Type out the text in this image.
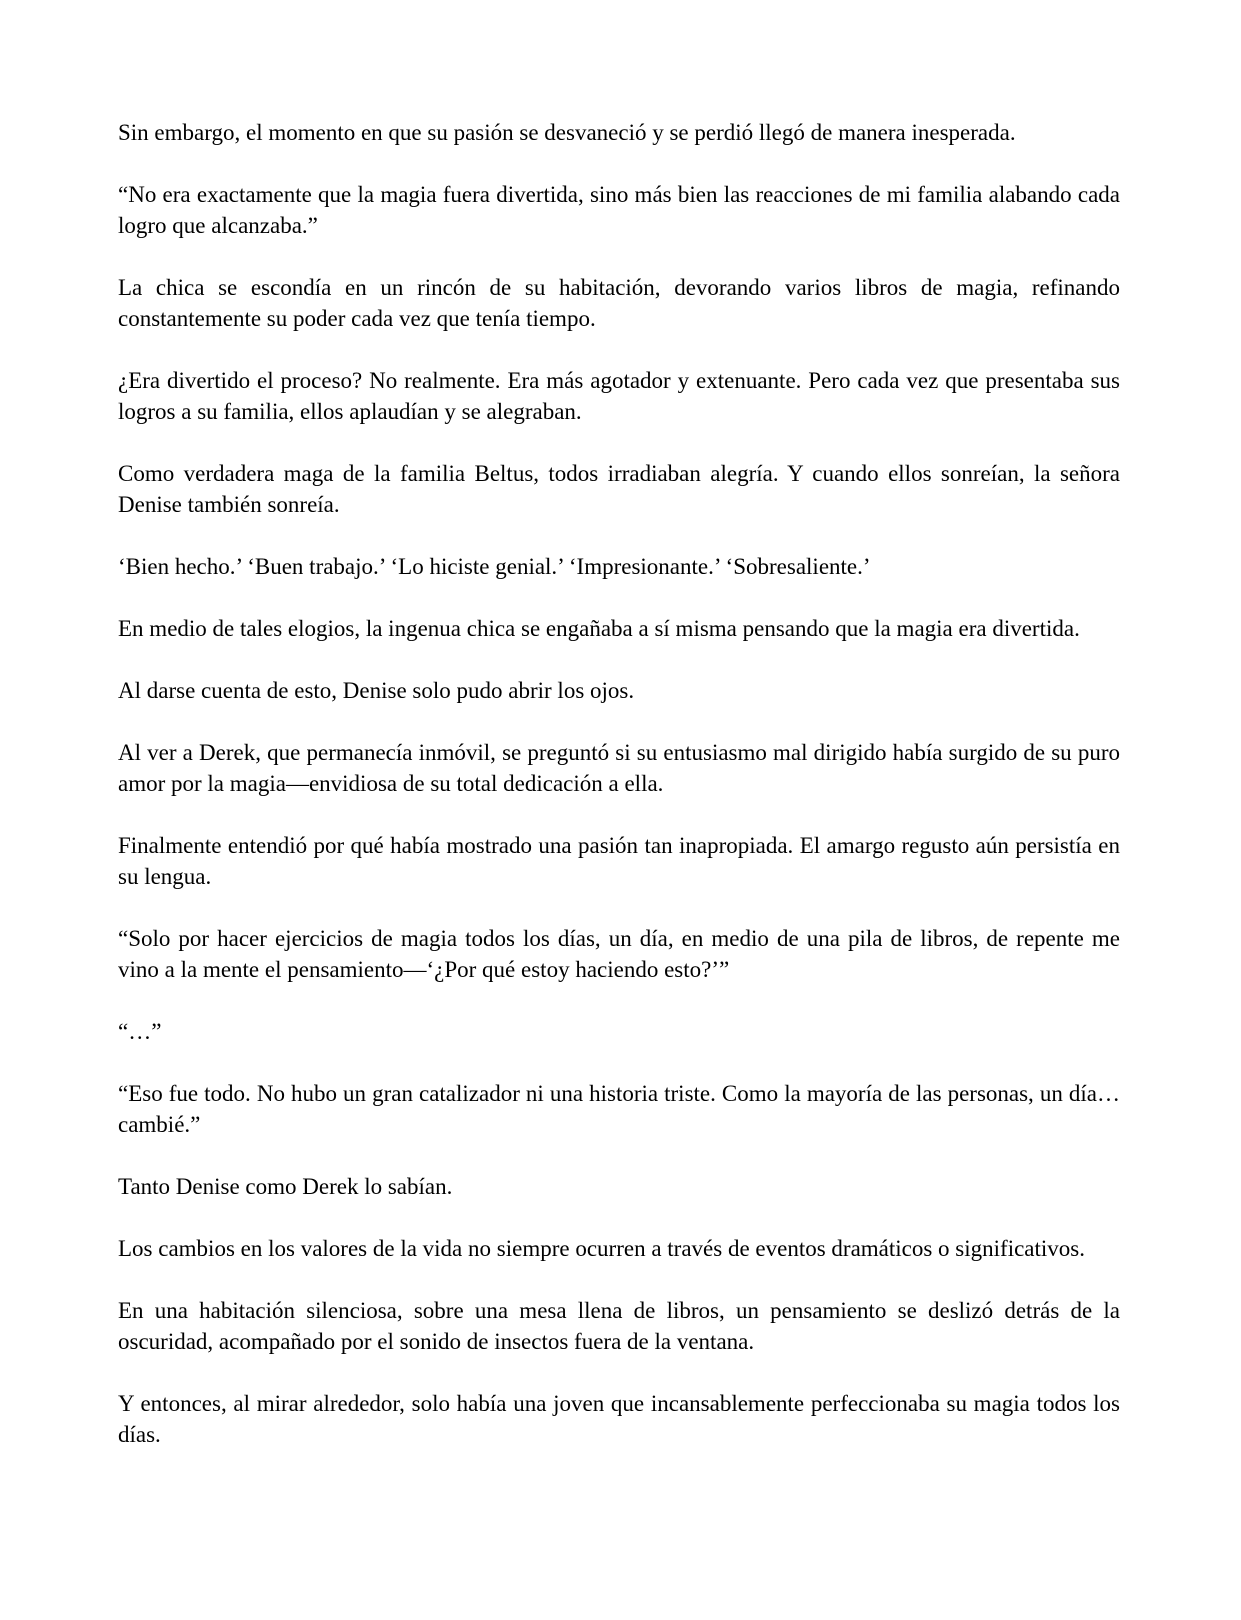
Sin embargo, el momento en que su pasión se desvaneció y se perdió llegó de manera inesperada.

“No era exactamente que la magia fuera divertida, sino más bien las reacciones de mi familia alabando cada logro que alcanzaba.”

La chica se escondía en un rincón de su habitación, devorando varios libros de magia, refinando constantemente su poder cada vez que tenía tiempo.

¿Era divertido el proceso? No realmente. Era más agotador y extenuante. Pero cada vez que presentaba sus logros a su familia, ellos aplaudían y se alegraban.

Como verdadera maga de la familia Beltus, todos irradiaban alegría. Y cuando ellos sonreían, la señora Denise también sonreía.

‘Bien hecho.’ ‘Buen trabajo.’ ‘Lo hiciste genial.’ ‘Impresionante.’ ‘Sobresaliente.’

En medio de tales elogios, la ingenua chica se engañaba a sí misma pensando que la magia era divertida.

Al darse cuenta de esto, Denise solo pudo abrir los ojos.

Al ver a Derek, que permanecía inmóvil, se preguntó si su entusiasmo mal dirigido había surgido de su puro amor por la magia—envidiosa de su total dedicación a ella.

Finalmente entendió por qué había mostrado una pasión tan inapropiada. El amargo regusto aún persistía en su lengua.

“Solo por hacer ejercicios de magia todos los días, un día, en medio de una pila de libros, de repente me vino a la mente el pensamiento—‘¿Por qué estoy haciendo esto?’”

“…”

“Eso fue todo. No hubo un gran catalizador ni una historia triste. Como la mayoría de las personas, un día… cambié.”

Tanto Denise como Derek lo sabían.

Los cambios en los valores de la vida no siempre ocurren a través de eventos dramáticos o significativos.

En una habitación silenciosa, sobre una mesa llena de libros, un pensamiento se deslizó detrás de la oscuridad, acompañado por el sonido de insectos fuera de la ventana.

Y entonces, al mirar alrededor, solo había una joven que incansablemente perfeccionaba su magia todos los días.
